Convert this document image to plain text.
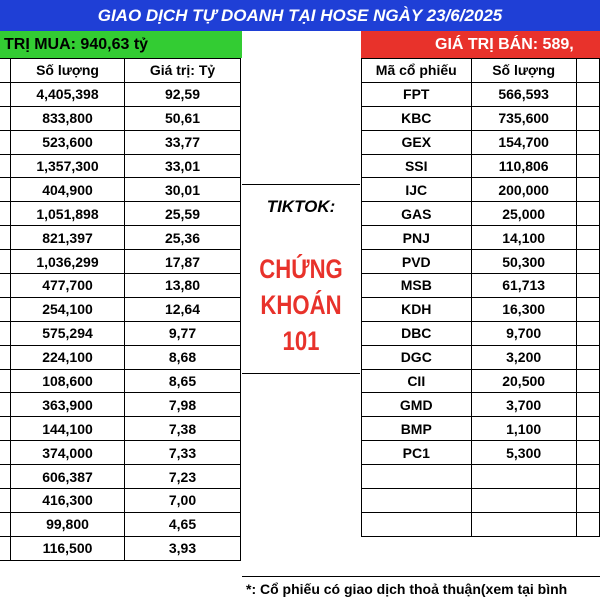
GIAO DỊCH TỰ DOANH TẠI HOSE NGÀY 23/6/2025
TRỊ MUA: 940,63 tỷ	GIÁ TRỊ BÁN: 589,
	Số lượng	Giá trị: Tỷ
	4,405,398	92,59
	833,800	50,61
	523,600	33,77
	1,357,300	33,01
	404,900	30,01
	1,051,898	25,59
	821,397	25,36
	1,036,299	17,87
	477,700	13,80
	254,100	12,64
	575,294	9,77
	224,100	8,68
	108,600	8,65
	363,900	7,98
	144,100	7,38
	374,000	7,33
	606,387	7,23
	416,300	7,00
	99,800	4,65
	116,500	3,93
Mã cổ phiếu	Số lượng	
FPT	566,593	
KBC	735,600	
GEX	154,700	
SSI	110,806	
IJC	200,000	
GAS	25,000	
PNJ	14,100	
PVD	50,300	
MSB	61,713	
KDH	16,300	
DBC	9,700	
DGC	3,200	
CII	20,500	
GMD	3,700	
BMP	1,100	
PC1	5,300	

TIKTOK:
CHỨNG
KHOÁN
101
*: Cổ phiếu có giao dịch thoả thuận(xem tại bình
